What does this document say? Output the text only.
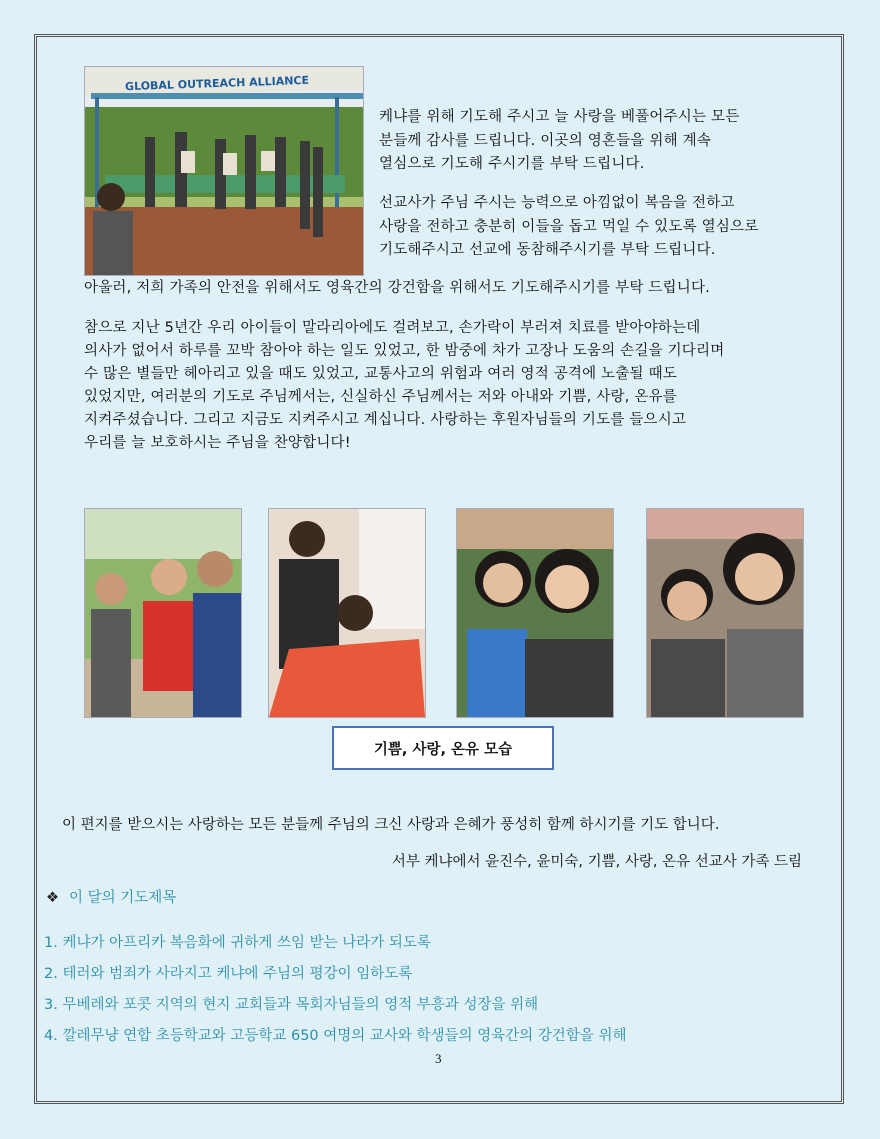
GLOBAL OUTREACH ALLIANCE
케냐를 위해 기도해 주시고 늘 사랑을 베풀어주시는 모든
분들께 감사를 드립니다. 이곳의 영혼들을 위해 계속
열심으로 기도해 주시기를 부탁 드립니다.
선교사가 주님 주시는 능력으로 아낌없이 복음을 전하고
사랑을 전하고 충분히 이들을 돕고 먹일 수 있도록 열심으로
기도해주시고 선교에 동참해주시기를 부탁 드립니다.
아울러, 저희 가족의 안전을 위해서도 영육간의 강건함을 위해서도 기도해주시기를 부탁 드립니다.
참으로 지난 5년간 우리 아이들이 말라리아에도 걸려보고, 손가락이 부러져 치료를 받아야하는데
의사가 없어서 하루를 꼬박 참아야 하는 일도 있었고, 한 밤중에 차가 고장나 도움의 손길을 기다리며
수 많은 별들만 헤아리고 있을 때도 있었고, 교통사고의 위험과 여러 영적 공격에 노출될 때도
있었지만, 여러분의 기도로 주님께서는, 신실하신 주님께서는 저와 아내와 기쁨, 사랑, 온유를
지켜주셨습니다. 그리고 지금도 지켜주시고 계십니다. 사랑하는 후원자님들의 기도를 들으시고
우리를 늘 보호하시는 주님을 찬양합니다!
기쁨, 사랑, 온유 모습
이 편지를 받으시는 사랑하는 모든 분들께 주님의 크신 사랑과 은혜가 풍성히 함께 하시기를 기도 합니다.
서부 케냐에서 윤진수, 윤미숙, 기쁨, 사랑, 온유 선교사 가족 드림
❖ 이 달의 기도제목
1. 케냐가 아프리카 복음화에 귀하게 쓰임 받는 나라가 되도록
2. 테러와 범죄가 사라지고 케냐에 주님의 평강이 임하도록
3. 무베레와 포콧 지역의 현지 교회들과 목회자님들의 영적 부흥과 성장을 위해
4. 깔레무냥 연합 초등학교와 고등학교 650 여명의 교사와 학생들의 영육간의 강건함을 위해
3
